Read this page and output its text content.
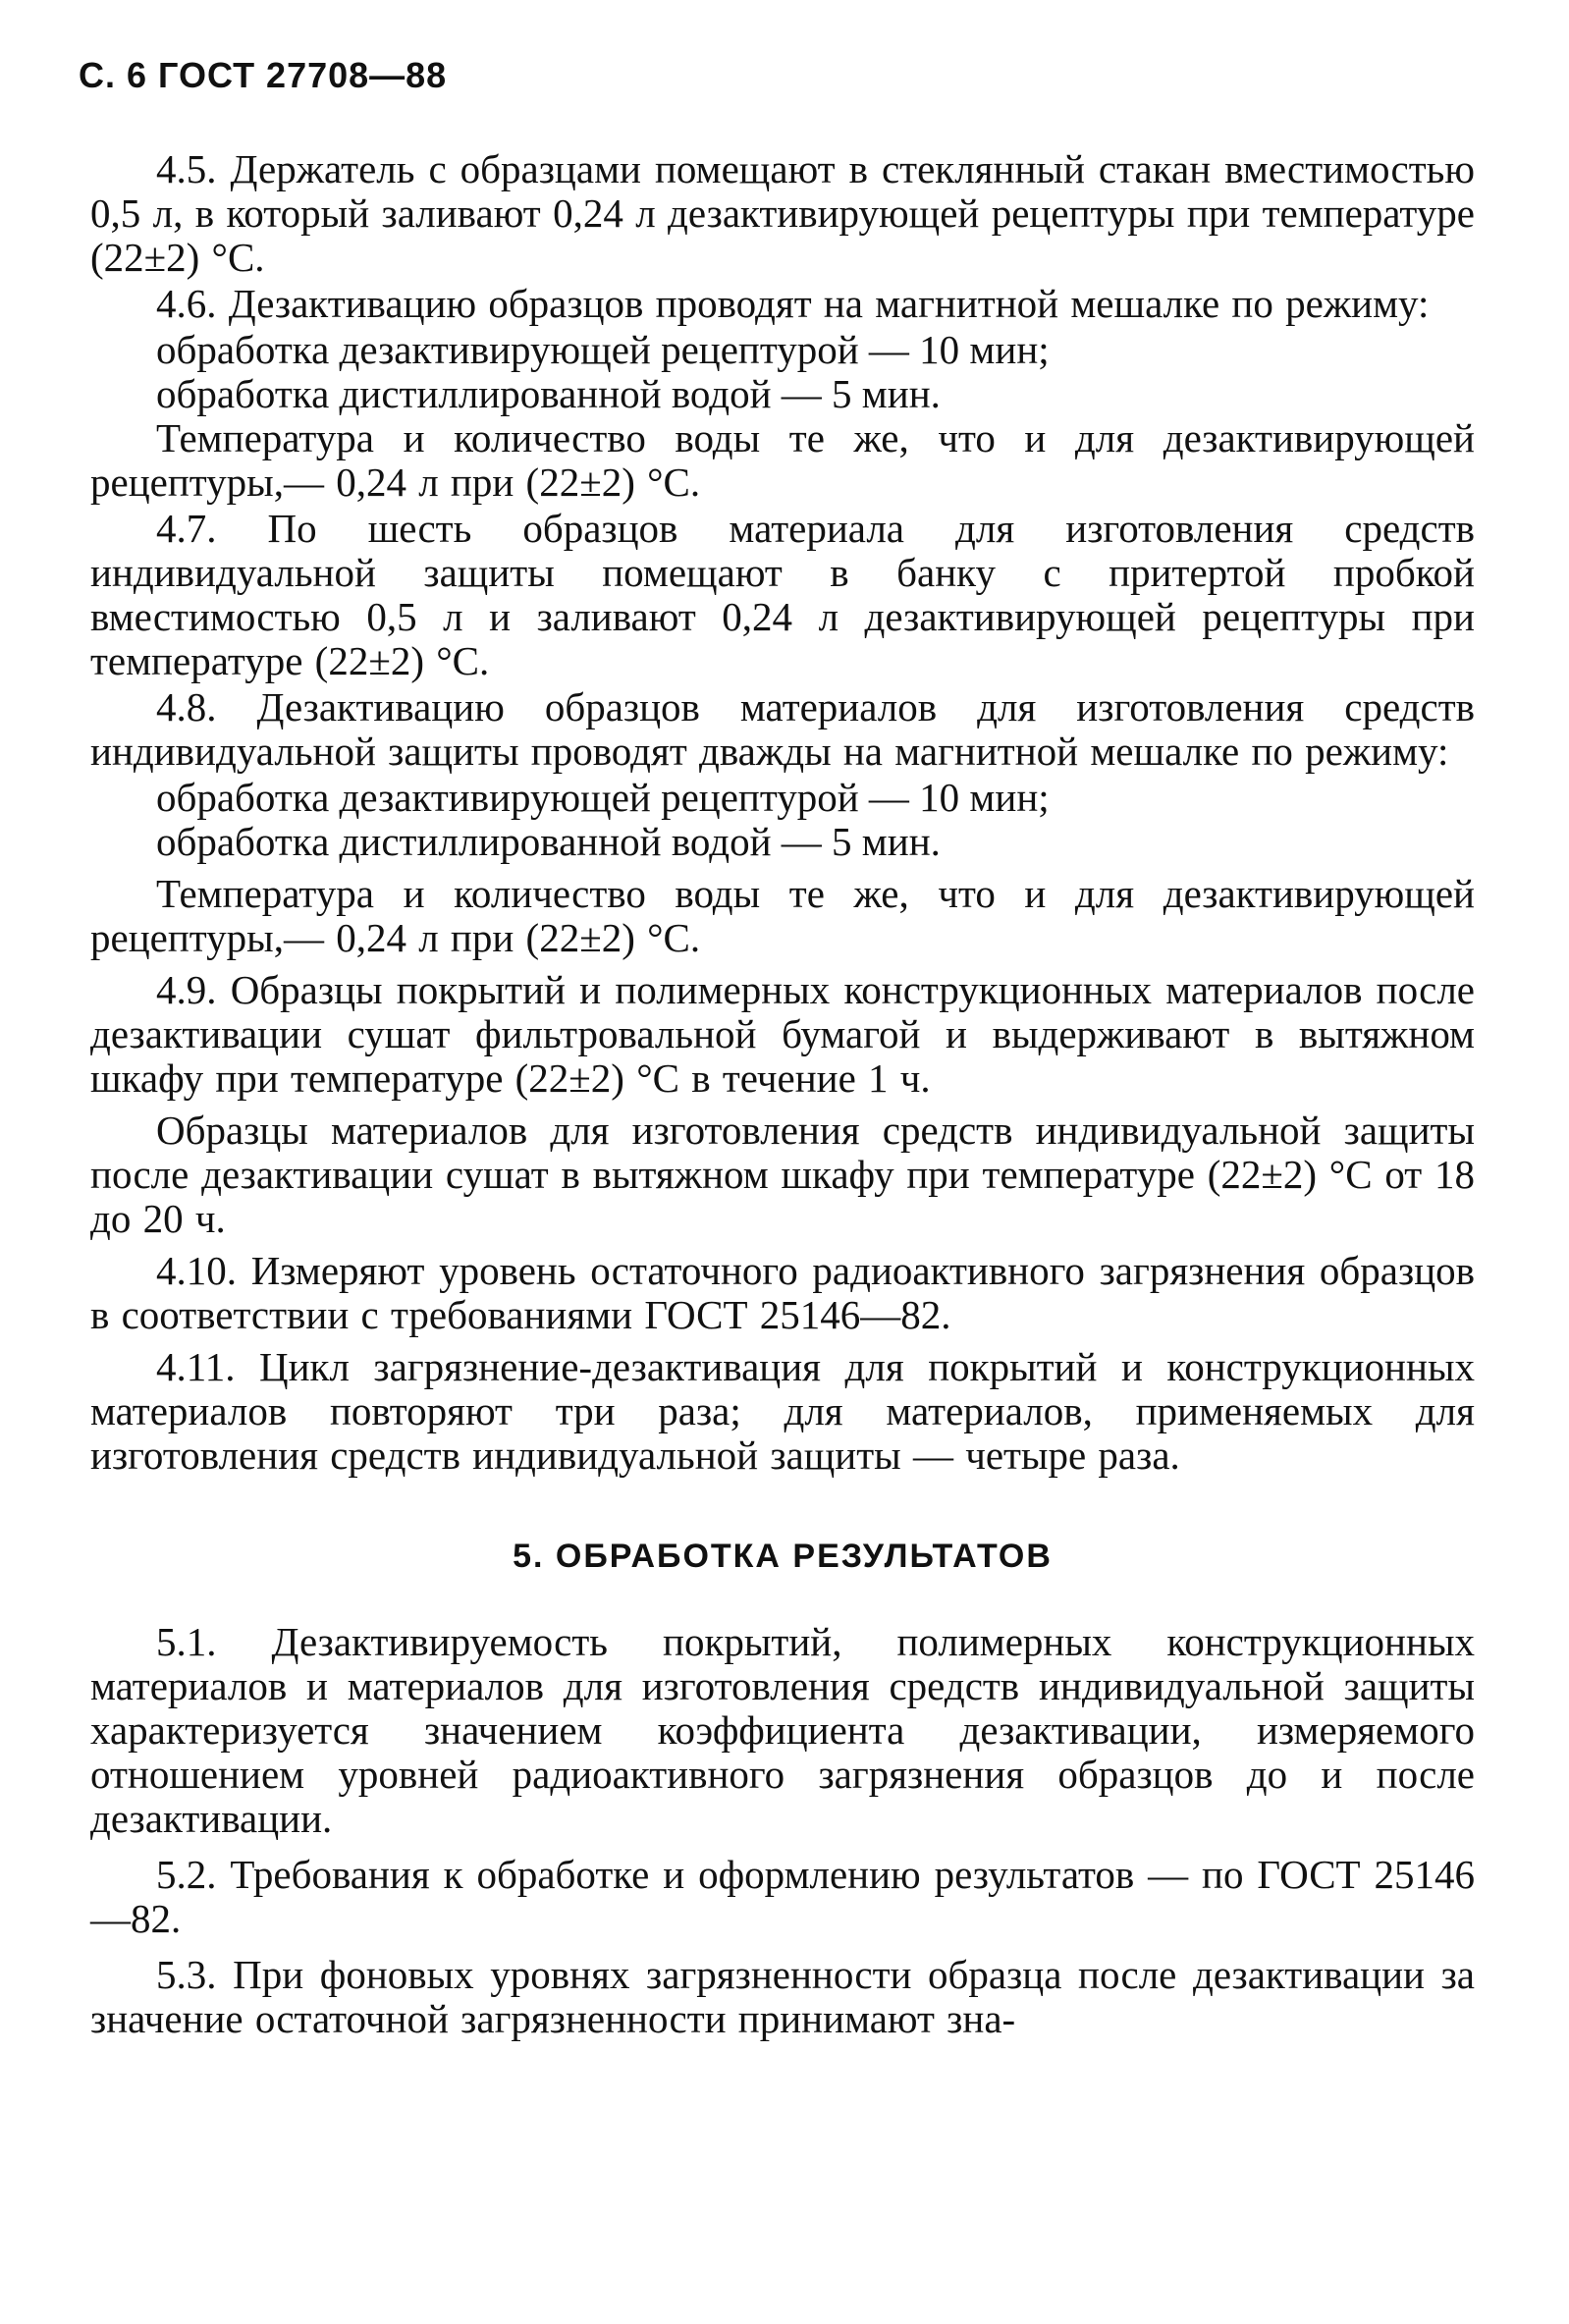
С. 6 ГОСТ 27708—88

4.5. Держатель с образцами помещают в стеклянный стакан вместимостью 0,5 л, в который заливают 0,24 л дезактивирующей рецептуры при температуре (22±2) °С.

4.6. Дезактивацию образцов проводят на магнитной мешалке по режиму:

обработка дезактивирующей рецептурой — 10 мин;

обработка дистиллированной водой — 5 мин.

Температура и количество воды те же, что и для дезактивирующей рецептуры,— 0,24 л при (22±2) °С.

4.7. По шесть образцов материала для изготовления средств индивидуальной защиты помещают в банку с притертой пробкой вместимостью 0,5 л и заливают 0,24 л дезактивирующей рецептуры при температуре (22±2) °С.

4.8. Дезактивацию образцов материалов для изготовления средств индивидуальной защиты проводят дважды на магнитной мешалке по режиму:

обработка дезактивирующей рецептурой — 10 мин;

обработка дистиллированной водой — 5 мин.

Температура и количество воды те же, что и для дезактивирующей рецептуры,— 0,24 л при (22±2) °С.

4.9. Образцы покрытий и полимерных конструкционных материалов после дезактивации сушат фильтровальной бумагой и выдерживают в вытяжном шкафу при температуре (22±2) °С в течение 1 ч.

Образцы материалов для изготовления средств индивидуальной защиты после дезактивации сушат в вытяжном шкафу при температуре (22±2) °С от 18 до 20 ч.

4.10. Измеряют уровень остаточного радиоактивного загрязнения образцов в соответствии с требованиями ГОСТ 25146—82.

4.11. Цикл загрязнение-дезактивация для покрытий и конструкционных материалов повторяют три раза; для материалов, применяемых для изготовления средств индивидуальной защиты — четыре раза.

5. ОБРАБОТКА РЕЗУЛЬТАТОВ

5.1. Дезактивируемость покрытий, полимерных конструкционных материалов и материалов для изготовления средств индивидуальной защиты характеризуется значением коэффициента дезактивации, измеряемого отношением уровней радиоактивного загрязнения образцов до и после дезактивации.

5.2. Требования к обработке и оформлению результатов — по ГОСТ 25146—82.

5.3. При фоновых уровнях загрязненности образца после дезактивации за значение остаточной загрязненности принимают зна-
